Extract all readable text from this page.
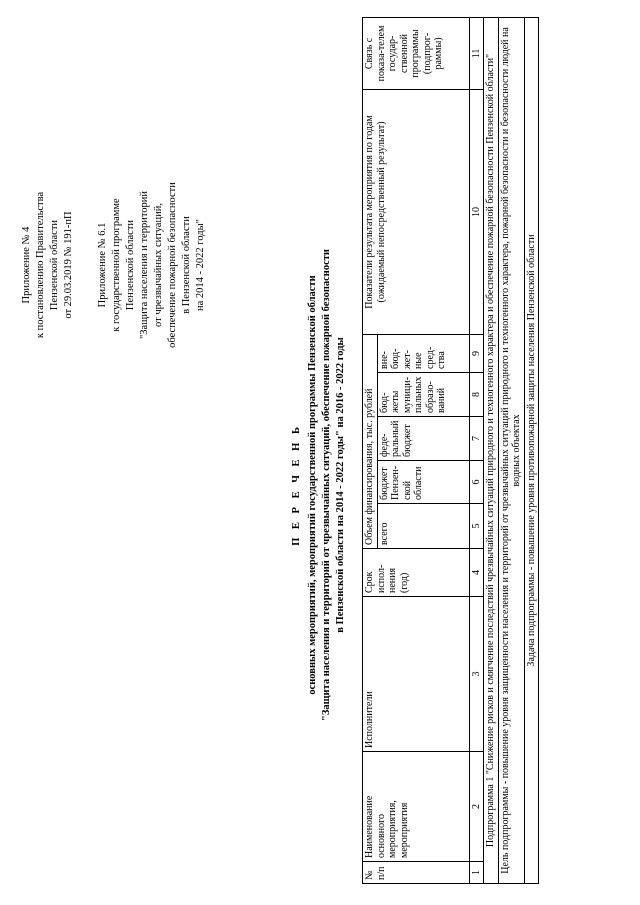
Приложение № 4 к постановлению Правительства Пензенской области от 29.03.2019 № 191-пП Приложение № 6.1 к государственной программе Пензенской области "Защита населения и территорий от чрезвычайных ситуаций, обеспечение пожарной безопасности в Пензенской области на 2014 - 2022 годы"

П Е Р Е Ч Е Н Ь основных мероприятий, мероприятий государственной программы Пензенской области "Защита населения и территорий от чрезвычайных ситуаций, обеспечение пожарной безопасности в Пензенской области на 2014 - 2022 годы" на 2016 - 2022 годы

№ п/п	Наименование основного мероприятия, мероприятия	Исполнители	Срок испол-нения (год)	Объем финансирования, тыс. рублей					Показатели результата мероприятия по годам (ожидаемый непосредственный результат)	Связь с показа-телем государ-ственной программы (подпрог-раммы)
				всего	бюджет Пензен-ской области	феде-ральный бюджет	бюд-жеты муници-пальных образо-ваний	вне-бюд-жет-ные сред-ства		
1	2	3	4	5	6	7	8	9	10	11
Подпрограмма 1 "Снижение рисков и смягчение последствий чрезвычайных ситуаций природного и техногенного характера и обеспечение пожарной безопасности Пензенской области"										
Цель подпрограммы - повышение уровня защищенности населения и территорий от чрезвычайных ситуаций природного и техногенного характера, пожарной безопасности и безопасности людей на водных объектах										
Задача подпрограммы - повышение уровня противопожарной защиты населения Пензенской области										
